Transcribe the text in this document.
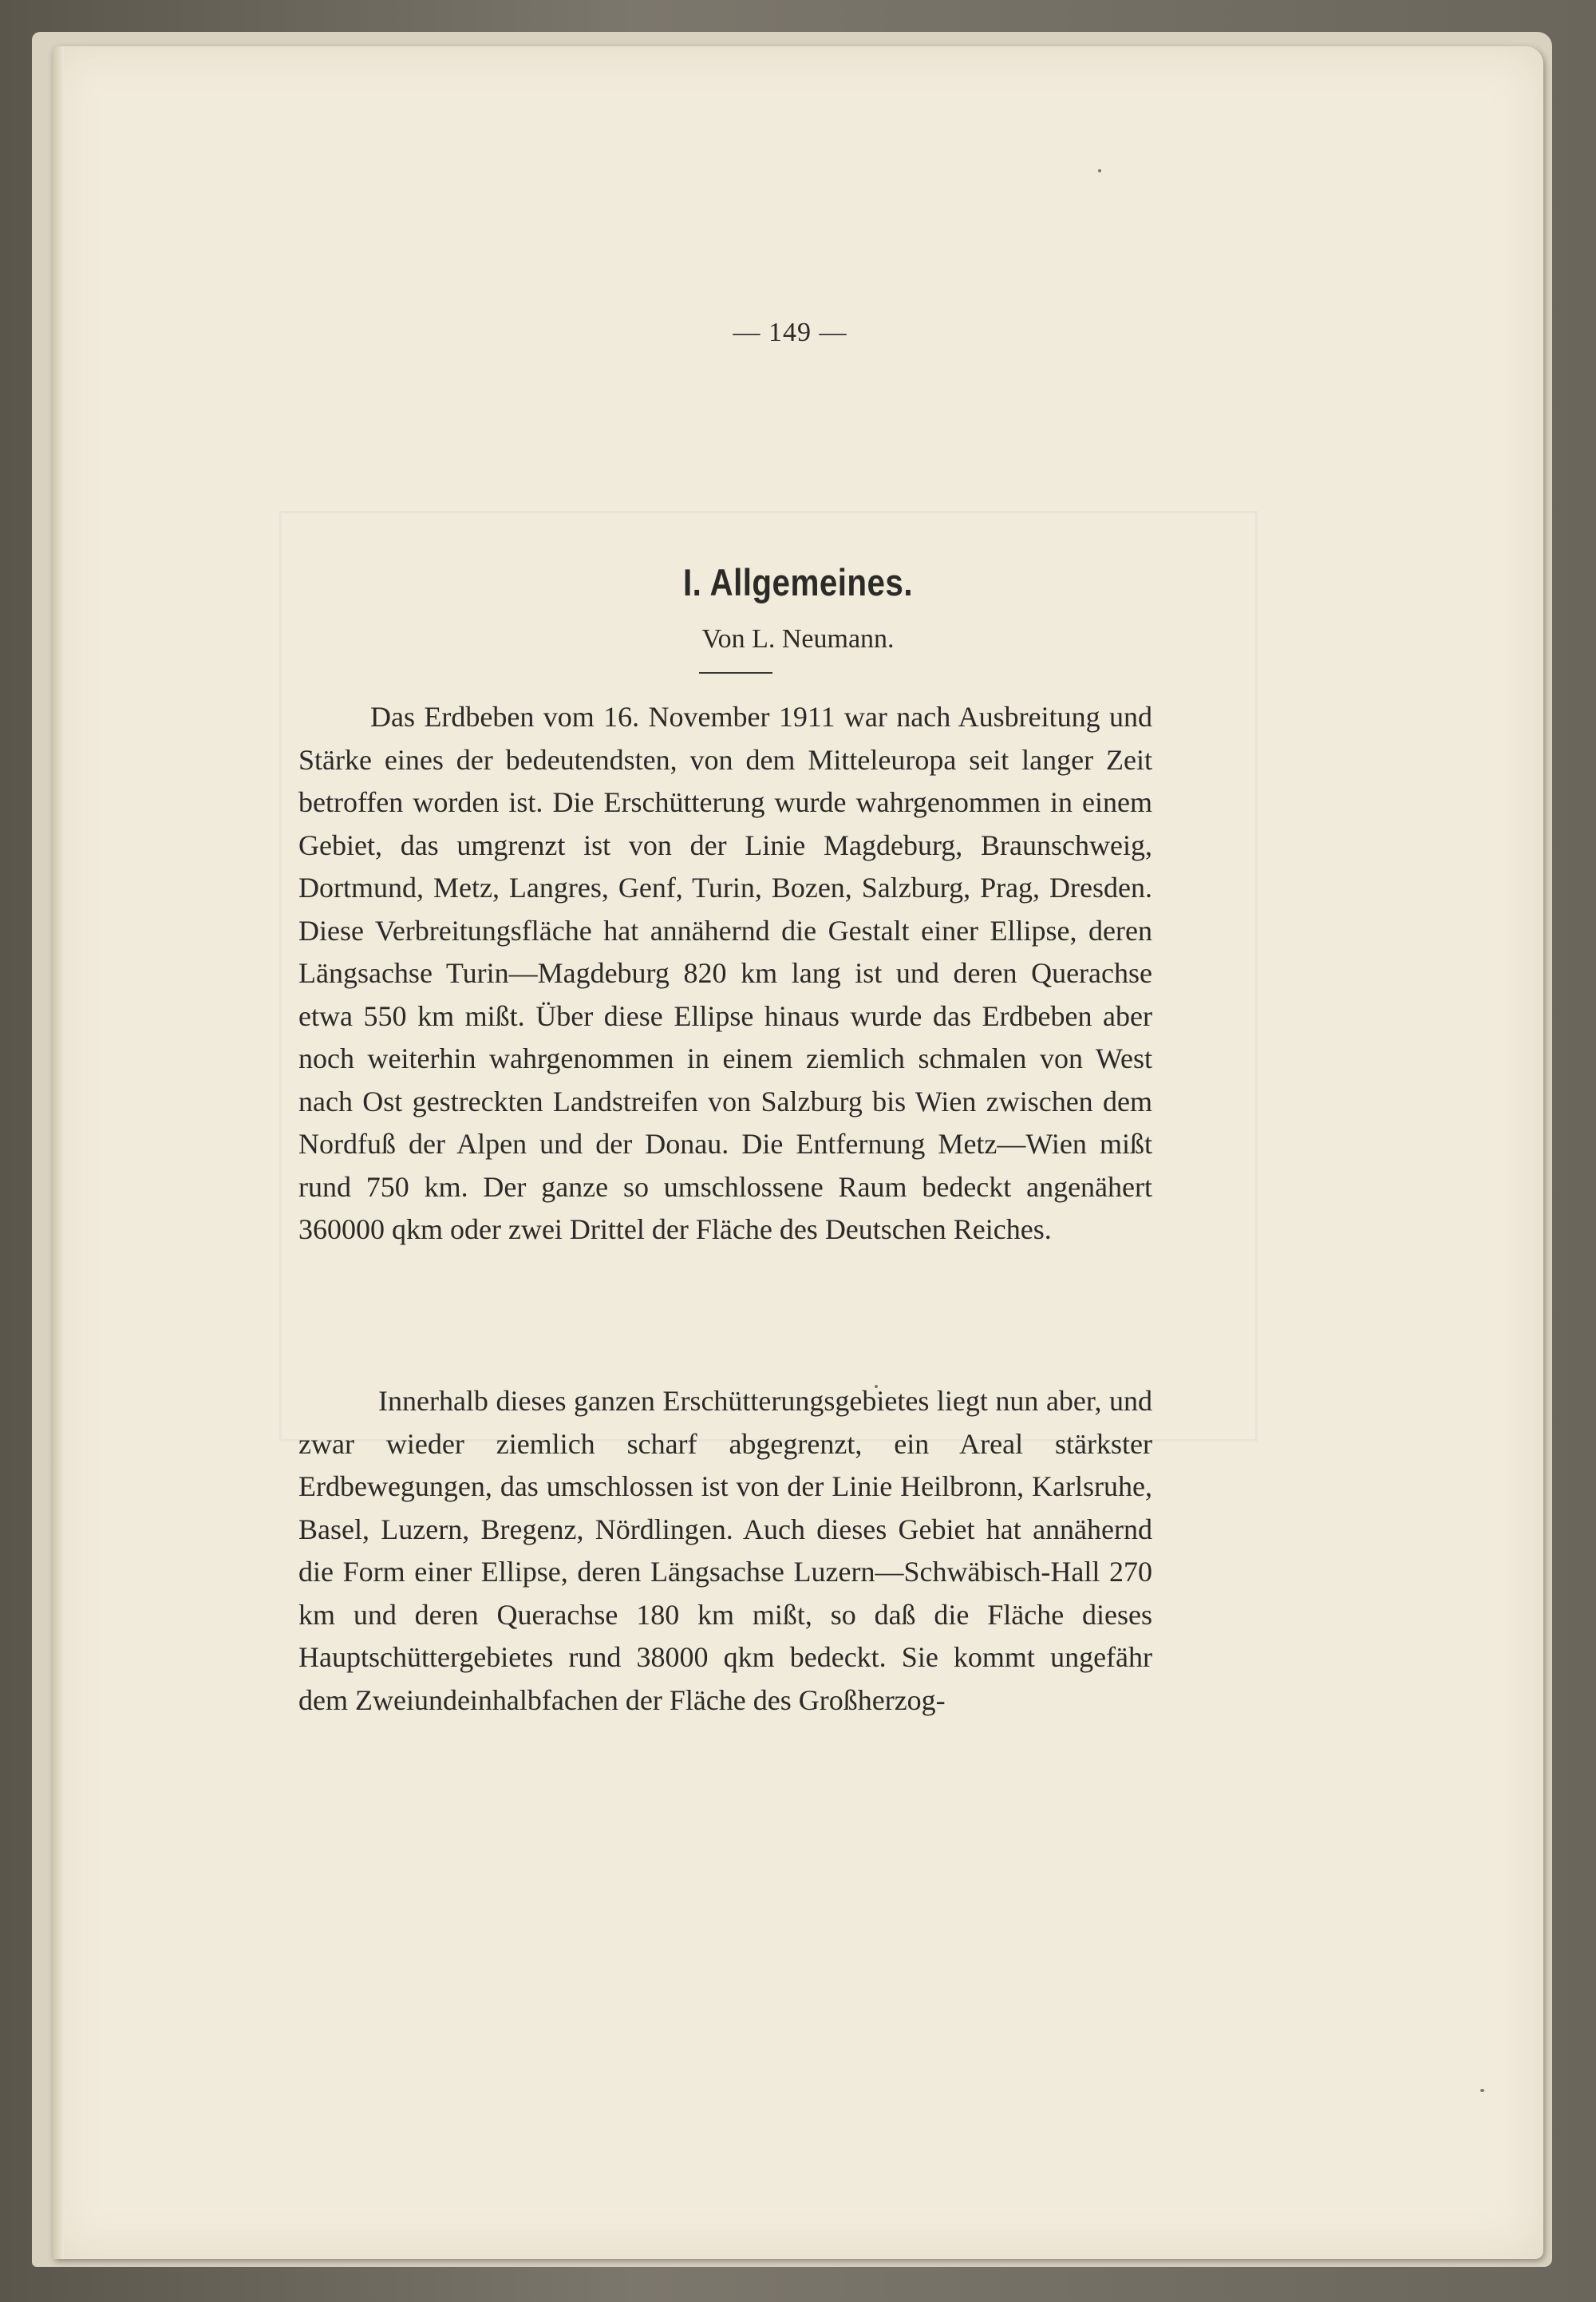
— 149 —
I. Allgemeines.
Von L. Neumann.

Das Erdbeben vom 16. November 1911 war nach Ausbreitung und Stärke eines der bedeutendsten, von dem Mitteleuropa seit langer Zeit betroffen worden ist. Die Erschütterung wurde wahrgenommen in einem Gebiet, das umgrenzt ist von der Linie Magdeburg, Braunschweig, Dortmund, Metz, Langres, Genf, Turin, Bozen, Salzburg, Prag, Dresden. Diese Verbreitungsfläche hat annähernd die Gestalt einer Ellipse, deren Längsachse Turin—Magdeburg 820 km lang ist und deren Querachse etwa 550 km mißt. Über diese Ellipse hinaus wurde das Erdbeben aber noch weiterhin wahrgenommen in einem ziemlich schmalen von West nach Ost gestreckten Landstreifen von Salzburg bis Wien zwischen dem Nordfuß der Alpen und der Donau. Die Entfernung Metz—Wien mißt rund 750 km. Der ganze so umschlossene Raum bedeckt angenähert 360000 qkm oder zwei Drittel der Fläche des Deutschen Reiches.

Innerhalb dieses ganzen Erschütterungsgebietes liegt nun aber, und zwar wieder ziemlich scharf abgegrenzt, ein Areal stärkster Erdbewegungen, das umschlossen ist von der Linie Heilbronn, Karlsruhe, Basel, Luzern, Bregenz, Nördlingen. Auch dieses Gebiet hat annähernd die Form einer Ellipse, deren Längsachse Luzern—Schwäbisch-Hall 270 km und deren Querachse 180 km mißt, so daß die Fläche dieses Hauptschüttergebietes rund 38000 qkm bedeckt. Sie kommt ungefähr dem Zweiundeinhalbfachen der Fläche des Großherzog-
